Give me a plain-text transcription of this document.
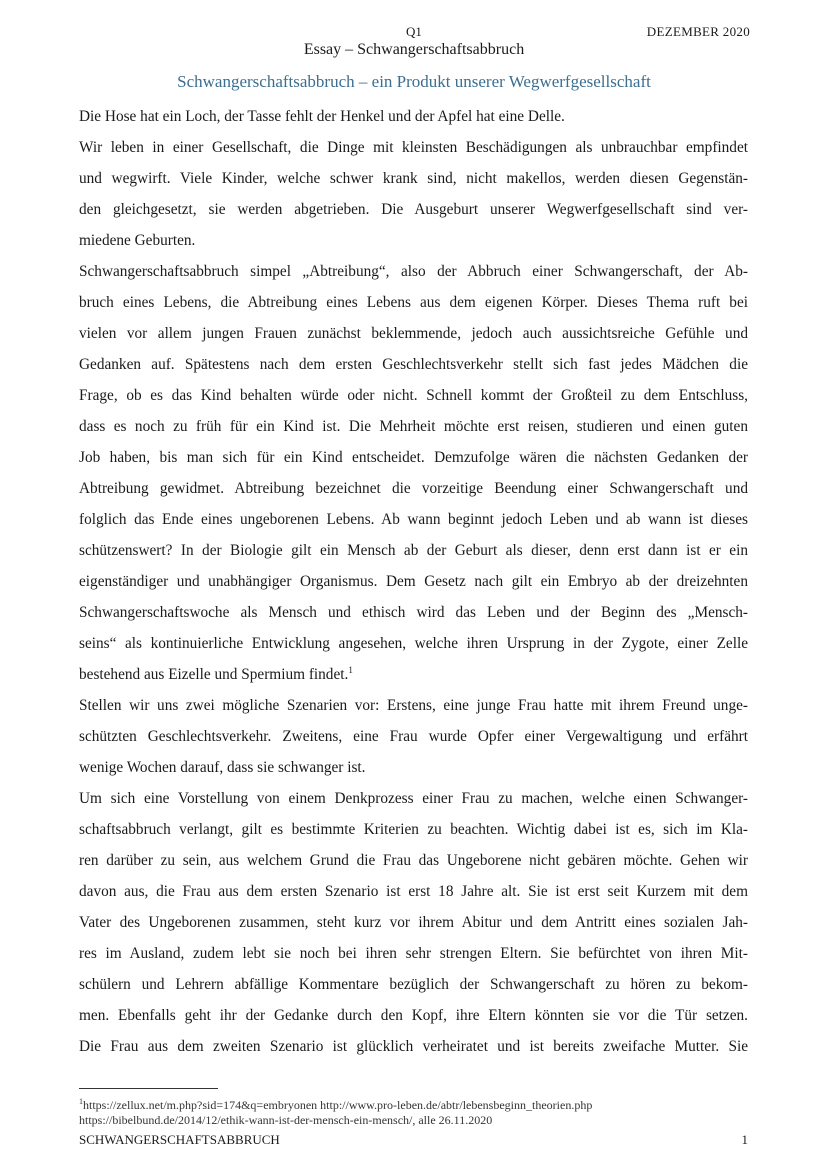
Q1	DEZEMBER 2020
Essay – Schwangerschaftsabbruch
Schwangerschaftsabbruch – ein Produkt unserer Wegwerfgesellschaft
Die Hose hat ein Loch, der Tasse fehlt der Henkel und der Apfel hat eine Delle.
Wir leben in einer Gesellschaft, die Dinge mit kleinsten Beschädigungen als unbrauchbar empfindet
und wegwirft. Viele Kinder, welche schwer krank sind, nicht makellos, werden diesen Gegenstän-
den gleichgesetzt, sie werden abgetrieben. Die Ausgeburt unserer Wegwerfgesellschaft sind ver-
miedene Geburten.
Schwangerschaftsabbruch simpel „Abtreibung“, also der Abbruch einer Schwangerschaft, der Ab-
bruch eines Lebens, die Abtreibung eines Lebens aus dem eigenen Körper. Dieses Thema ruft bei
vielen vor allem jungen Frauen zunächst beklemmende, jedoch auch aussichtsreiche Gefühle und
Gedanken auf. Spätestens nach dem ersten Geschlechtsverkehr stellt sich fast jedes Mädchen die
Frage, ob es das Kind behalten würde oder nicht. Schnell kommt der Großteil zu dem Entschluss,
dass es noch zu früh für ein Kind ist. Die Mehrheit möchte erst reisen, studieren und einen guten
Job haben, bis man sich für ein Kind entscheidet. Demzufolge wären die nächsten Gedanken der
Abtreibung gewidmet. Abtreibung bezeichnet die vorzeitige Beendung einer Schwangerschaft und
folglich das Ende eines ungeborenen Lebens. Ab wann beginnt jedoch Leben und ab wann ist dieses
schützenswert? In der Biologie gilt ein Mensch ab der Geburt als dieser, denn erst dann ist er ein
eigenständiger und unabhängiger Organismus. Dem Gesetz nach gilt ein Embryo ab der dreizehnten
Schwangerschaftswoche als Mensch und ethisch wird das Leben und der Beginn des „Mensch-
seins“ als kontinuierliche Entwicklung angesehen, welche ihren Ursprung in der Zygote, einer Zelle
bestehend aus Eizelle und Spermium findet.$^1$
Stellen wir uns zwei mögliche Szenarien vor: Erstens, eine junge Frau hatte mit ihrem Freund unge-
schützten Geschlechtsverkehr. Zweitens, eine Frau wurde Opfer einer Vergewaltigung und erfährt
wenige Wochen darauf, dass sie schwanger ist.
Um sich eine Vorstellung von einem Denkprozess einer Frau zu machen, welche einen Schwanger-
schaftsabbruch verlangt, gilt es bestimmte Kriterien zu beachten. Wichtig dabei ist es, sich im Kla-
ren darüber zu sein, aus welchem Grund die Frau das Ungeborene nicht gebären möchte. Gehen wir
davon aus, die Frau aus dem ersten Szenario ist erst 18 Jahre alt. Sie ist erst seit Kurzem mit dem
Vater des Ungeborenen zusammen, steht kurz vor ihrem Abitur und dem Antritt eines sozialen Jah-
res im Ausland, zudem lebt sie noch bei ihren sehr strengen Eltern. Sie befürchtet von ihren Mit-
schülern und Lehrern abfällige Kommentare bezüglich der Schwangerschaft zu hören zu bekom-
men. Ebenfalls geht ihr der Gedanke durch den Kopf, ihre Eltern könnten sie vor die Tür setzen.
Die Frau aus dem zweiten Szenario ist glücklich verheiratet und ist bereits zweifache Mutter. Sie
$^1$https://zellux.net/m.php?sid=174&q=embryonen http://www.pro-leben.de/abtr/lebensbeginn_theorien.php
https://bibelbund.de/2014/12/ethik-wann-ist-der-mensch-ein-mensch/, alle 26.11.2020
SCHWANGERSCHAFTSABBRUCH	1
